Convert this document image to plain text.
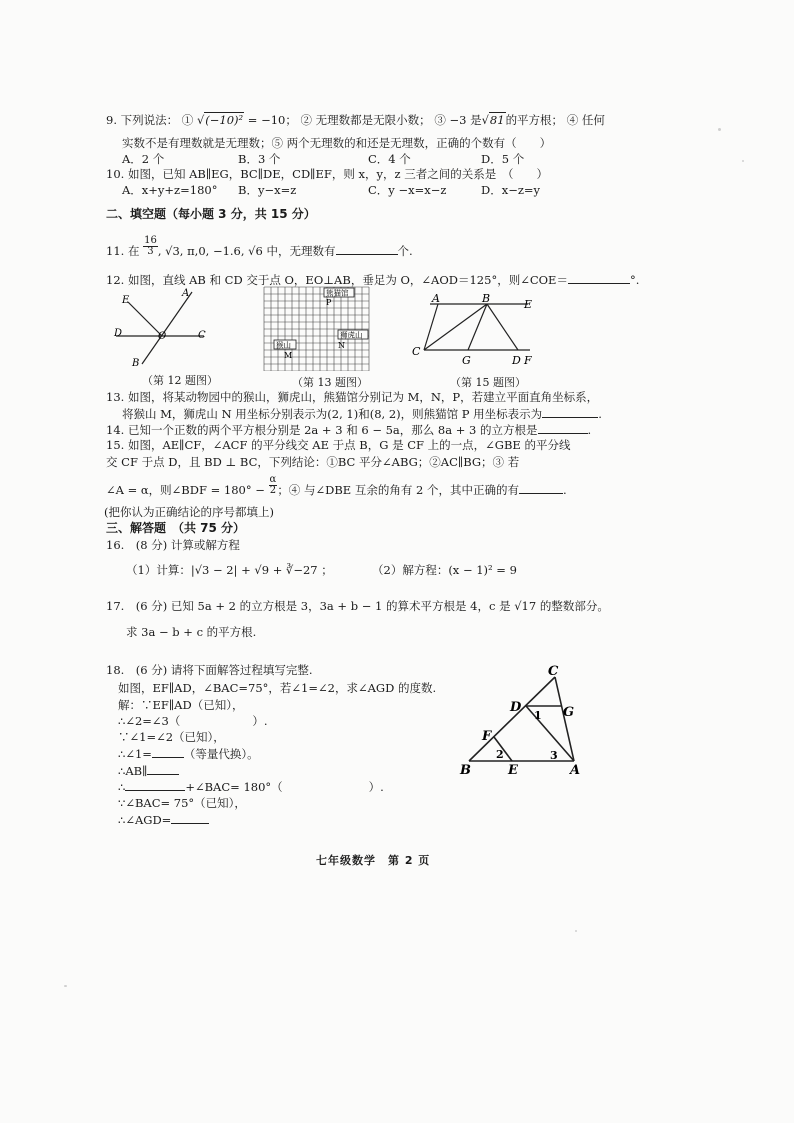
9. 下列说法： ① √(−10)² = −10； ② 无理数都是无限小数； ③ −3 是√81的平方根； ④ 任何
实数不是有理数就是无理数；⑤ 两个无理数的和还是无理数，正确的个数有（　　）
A．2 个	B．3 个	C．4 个	D．5 个
10. 如图，已知 AB∥EG，BC∥DE，CD∥EF，则 x，y，z 三者之间的关系是　（　　）
A．x+y+z=180° B．y−x=z	C．y −x=x−z	D．x−z=y
二、填空题（每小题 3 分，共 15 分）
11. 在 $\frac{16}{3}$ , √3, π,0, −1.6, √6 中，无理数有	个.
12. 如图，直线 AB 和 CD 交于点 O，EO⊥AB，垂足为 O，∠AOD＝125°，则∠COE＝	°.
E
A
D	O	C
B
（第 12 题图）
熊猫馆
P
狮虎山
N
猴山
M
（第 13 题图）
A	B	E
C
G	D F
（第 15 题图）
13. 如图，将某动物园中的猴山，狮虎山，熊猫馆分别记为 M，N，P，若建立平面直角坐标系，
将猴山 M，狮虎山 N 用坐标分别表示为(2, 1)和(8, 2)，则熊猫馆 P 用坐标表示为	.
14. 已知一个正数的两个平方根分别是 2a + 3 和 6 − 5a，那么 8a + 3 的立方根是	.
15. 如图，AE∥CF，∠ACF 的平分线交 AE 于点 B，G 是 CF 上的一点，∠GBE 的平分线
交 CF 于点 D，且 BD ⊥ BC，下列结论：①BC 平分∠ABG；②AC∥BG；③ 若
∠A = α，则∠BDF = $180^\circ - \frac{\alpha}{2}$ ；④ 与∠DBE 互余的角有 2 个，其中正确的有	.
(把你认为正确结论的序号都填上)
三、解答题　（共 75 分）
16.　(8 分) 计算或解方程
（1）计算：|√3 − 2| + √9 + ∛−27 ；	（2）解方程：(x − 1)² = 9
17.　(6 分) 已知 5a + 2 的立方根是 3，3a + b − 1 的算术平方根是 4，c 是 √17 的整数部分。
求 3a − b + c 的平方根.
18.　(6 分) 请将下面解答过程填写完整.
如图，EF∥AD，∠BAC=75°，若∠1=∠2，求∠AGD 的度数.
解：∵EF∥AD（已知），
∴∠2=∠3（	）.
∵∠1=∠2（已知），
∴∠1=	（等量代换）。
∴AB∥
∴	+∠BAC= 180°（	）.
∵∠BAC= 75°（已知），
∴∠AGD=
C
D	G
1
F
2	3
B	E	A
七年级数学　第 2 页
